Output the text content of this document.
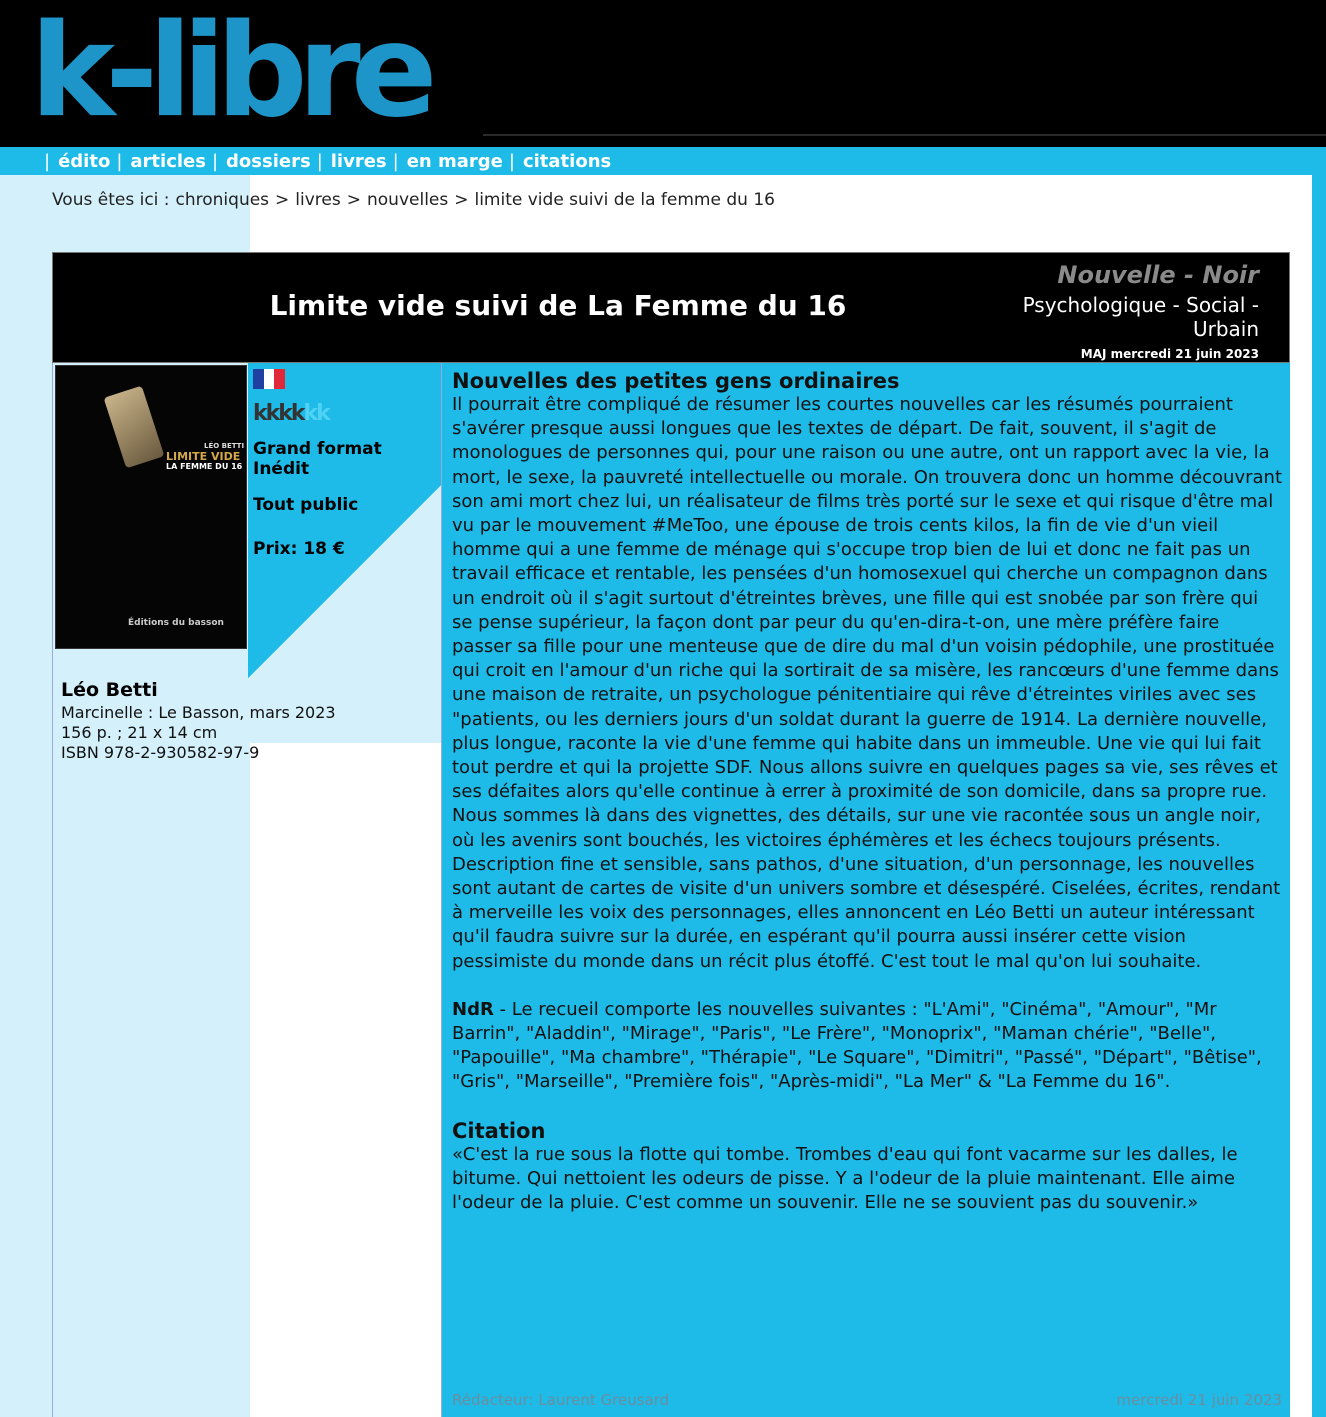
k-libre
| édito | articles | dossiers | livres | en marge | citations
Vous êtes ici : chroniques > livres > nouvelles > limite vide suivi de la femme du 16
Limite vide suivi de La Femme du 16
Nouvelle - Noir
Psychologique - Social - Urbain
MAJ mercredi 21 juin 2023
LÉO BETTI
LIMITE VIDE
LA FEMME DU 16
Éditions du basson
kkkkkk
Grand format
Inédit
Tout public
Prix: 18 €
Léo Betti
Marcinelle : Le Basson, mars 2023
156 p. ; 21 x 14 cm
ISBN 978-2-930582-97-9
Nouvelles des petites gens ordinaires
Il pourrait être compliqué de résumer les courtes nouvelles car les résumés pourraient s'avérer presque aussi longues que les textes de départ. De fait, souvent, il s'agit de monologues de personnes qui, pour une raison ou une autre, ont un rapport avec la vie, la mort, le sexe, la pauvreté intellectuelle ou morale. On trouvera donc un homme découvrant son ami mort chez lui, un réalisateur de films très porté sur le sexe et qui risque d'être mal vu par le mouvement #MeToo, une épouse de trois cents kilos, la fin de vie d'un vieil homme qui a une femme de ménage qui s'occupe trop bien de lui et donc ne fait pas un travail efficace et rentable, les pensées d'un homosexuel qui cherche un compagnon dans un endroit où il s'agit surtout d'étreintes brèves, une fille qui est snobée par son frère qui se pense supérieur, la façon dont par peur du qu'en-dira-t-on, une mère préfère faire passer sa fille pour une menteuse que de dire du mal d'un voisin pédophile, une prostituée qui croit en l'amour d'un riche qui la sortirait de sa misère, les rancœurs d'une femme dans une maison de retraite, un psychologue pénitentiaire qui rêve d'étreintes viriles avec ses "patients, ou les derniers jours d'un soldat durant la guerre de 1914. La dernière nouvelle, plus longue, raconte la vie d'une femme qui habite dans un immeuble. Une vie qui lui fait tout perdre et qui la projette SDF. Nous allons suivre en quelques pages sa vie, ses rêves et ses défaites alors qu'elle continue à errer à proximité de son domicile, dans sa propre rue. Nous sommes là dans des vignettes, des détails, sur une vie racontée sous un angle noir, où les avenirs sont bouchés, les victoires éphémères et les échecs toujours présents. Description fine et sensible, sans pathos, d'une situation, d'un personnage, les nouvelles sont autant de cartes de visite d'un univers sombre et désespéré. Ciselées, écrites, rendant à merveille les voix des personnages, elles annoncent en Léo Betti un auteur intéressant qu'il faudra suivre sur la durée, en espérant qu'il pourra aussi insérer cette vision pessimiste du monde dans un récit plus étoffé. C'est tout le mal qu'on lui souhaite.
NdR - Le recueil comporte les nouvelles suivantes : "L'Ami", "Cinéma", "Amour", "Mr Barrin", "Aladdin", "Mirage", "Paris", "Le Frère", "Monoprix", "Maman chérie", "Belle", "Papouille", "Ma chambre", "Thérapie", "Le Square", "Dimitri", "Passé", "Départ", "Bêtise", "Gris", "Marseille", "Première fois", "Après-midi", "La Mer" & "La Femme du 16".
Citation
«C'est la rue sous la flotte qui tombe. Trombes d'eau qui font vacarme sur les dalles, le bitume. Qui nettoient les odeurs de pisse. Y a l'odeur de la pluie maintenant. Elle aime l'odeur de la pluie. C'est comme un souvenir. Elle ne se souvient pas du souvenir.»
Rédacteur: Laurent Greusard	mercredi 21 juin 2023
